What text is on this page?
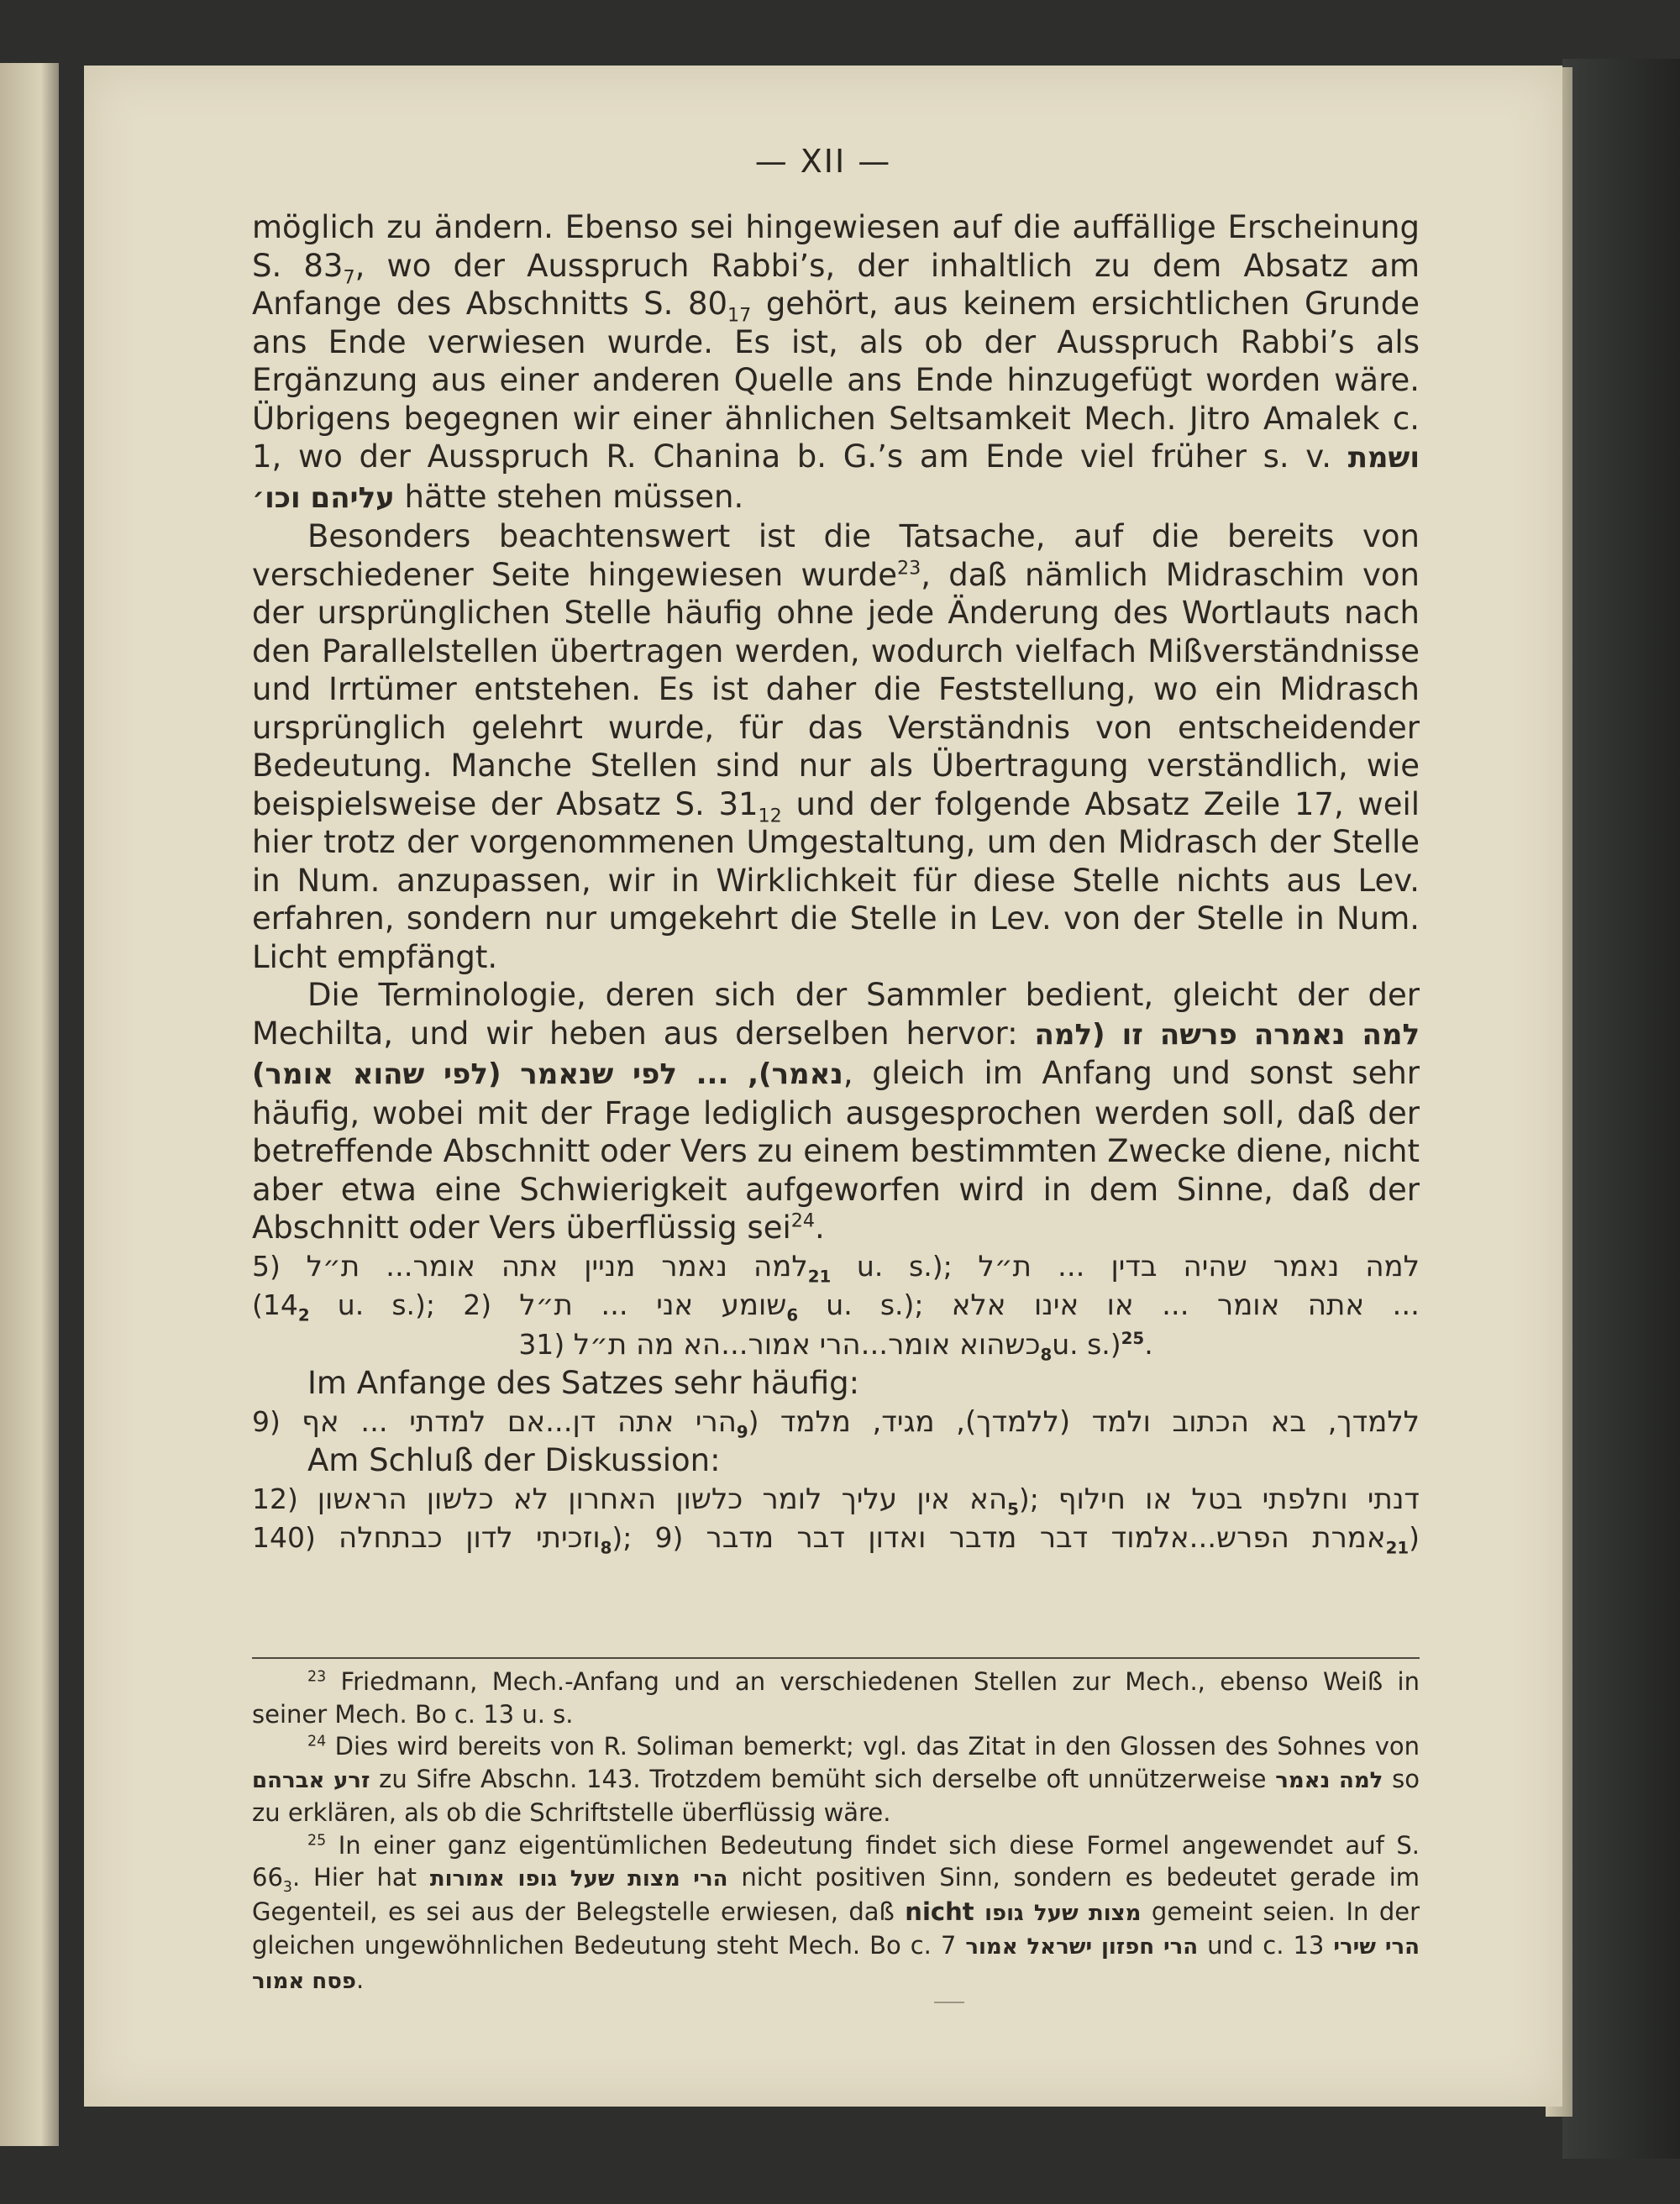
— XII —

möglich zu ändern. Ebenso sei hingewiesen auf die auffällige Erscheinung S. $83_7$, wo der Ausspruch Rabbi’s, der inhaltlich zu dem Absatz am Anfange des Abschnitts S. $80_{17}$ gehört, aus keinem ersichtlichen Grunde ans Ende verwiesen wurde. Es ist, als ob der Ausspruch Rabbi’s als Ergänzung aus einer anderen Quelle ans Ende hinzugefügt worden wäre. Übrigens begegnen wir einer ähnlichen Seltsamkeit Mech. Jitro Amalek c. 1, wo der Ausspruch R. Chanina b. G.’s am Ende viel früher s. v. ושמת עליהם וכו׳ hätte stehen müssen.

Besonders beachtenswert ist die Tatsache, auf die bereits von verschiedener Seite hingewiesen wurde$^{23}$, daß nämlich Midraschim von der ursprünglichen Stelle häufig ohne jede Änderung des Wortlauts nach den Parallelstellen übertragen werden, wodurch vielfach Mißverständnisse und Irrtümer entstehen. Es ist daher die Feststellung, wo ein Midrasch ursprünglich gelehrt wurde, für das Verständnis von entscheidender Bedeutung. Manche Stellen sind nur als Übertragung verständlich, wie beispielsweise der Absatz S. $31_{12}$ und der folgende Absatz Zeile 17, weil hier trotz der vorgenommenen Umgestaltung, um den Midrasch der Stelle in Num. anzupassen, wir in Wirklichkeit für diese Stelle nichts aus Lev. erfahren, sondern nur umgekehrt die Stelle in Lev. von der Stelle in Num. Licht empfängt.

Die Terminologie, deren sich der Sammler bedient, gleicht der der Mechilta, und wir heben aus derselben hervor: למה נאמרה פרשה זו (למה נאמר), ... לפי שנאמר (לפי שהוא אומר), gleich im Anfang und sonst sehr häufig, wobei mit der Frage lediglich ausgesprochen werden soll, daß der betreffende Abschnitt oder Vers zu einem bestimmten Zwecke diene, nicht aber etwa eine Schwierigkeit aufgeworfen wird in dem Sinne, daß der Abschnitt oder Vers überflüssig sei$^{24}$.

למה נאמר מניין אתה אומר... ת״ל (5	$_{21}$ u. s.); למה נאמר שהיה בדין ... ת״ל
($14_2$ u. s.); שומע אני ... ת״ל (2	$_6$ u. s.); אתה אומר ... או אינו אלא ...
כשהוא אומר...הרי אמור...הא מה ת״ל (31	$_8$u. s.)$^{25}$.

Im Anfange des Satzes sehr häufig:

הרי אתה דן...אם למדתי ... אף (9	$_9$) ללמדך, בא הכתוב ולמד (ללמדך), מגיד, מלמד

Am Schluß der Diskussion:

הא אין עליך לומר כלשון האחרון לא כלשון הראשון (12	$_5$); דנתי וחלפתי בטל או חילוף
וזכיתי לדון כבתחלה (140	$_8$); אמרת הפרש...אלמוד דבר מדבר ואדון דבר מדבר (9	$_{21}$)

$^{23}$ Friedmann, Mech.-Anfang und an verschiedenen Stellen zur Mech., ebenso Weiß in seiner Mech. Bo c. 13 u. s.

$^{24}$ Dies wird bereits von R. Soliman bemerkt; vgl. das Zitat in den Glossen des Sohnes von זרע אברהם zu Sifre Abschn. 143. Trotzdem bemüht sich derselbe oft unnützerweise למה נאמר so zu erklären, als ob die Schriftstelle überflüssig wäre.

$^{25}$ In einer ganz eigentümlichen Bedeutung findet sich diese Formel angewendet auf S. $66_3$. Hier hat הרי מצות שעל גופו אמורות nicht positiven Sinn, sondern es bedeutet gerade im Gegenteil, es sei aus der Belegstelle erwiesen, daß nicht מצות שעל גופו gemeint seien. In der gleichen ungewöhnlichen Bedeutung steht Mech. Bo c. 7 הרי חפזון ישראל אמור und c. 13 הרי שירי פסח אמור.
